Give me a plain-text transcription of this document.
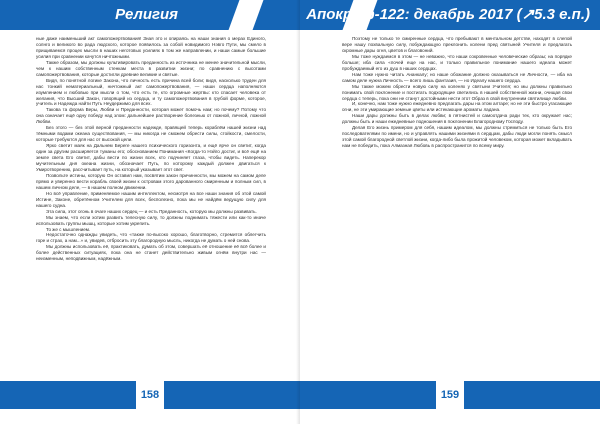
Религия

ные даже наименьший акт самопожертвования! Зная это и опираясь на наши знания о мерах Единого, солнго и великого во рада людского, которое появилось за собой новидимого Нэвго Пути, мы смело в прищиваемся процех мысли в наших неготовых усилиях в том же направлении, и наши самые большие усилия при сравнении качутся ничтожными.

Также образом, мы должны культивировать преданность из источника не менее значительной мысли, чем к нашим собственным стенкам места в развитии жизни; по сравнению с высотами самопожертвования, которые достигли древние великие и святые.

Видя, по понятной логике Закона, что личность есть причина всей боли; видя, насколько труден для нас тонкий нематериальный, ничтожный акт самопожертвования, — наши сердца наполняются изумлением и любовью при мысли о том, что есть те, кто огромные жертвы: кто спасает человека от желания, что Высший Закон, говорящий из сердца, и ту самопожертвования в грубой форме, которое, учитель и Надежда найти Путь Неудержимо для всех.

Такова та форма Веры, Любви и Преданности, которая может помочь нам; но почему? Потому что она означает ещё одну победу над злом: дальнейшее растворение болезнью от ложной, личной, ложной Любви.

Без этого — без этой верной преданности надежде, правящей теперь кораблём нашей жизни над тёмными водами океана существования, — мы никогда не сможем обрести силы, стойкости, смелости, которые требуются для нас от высокой цели.

Ярко светит маяк на Дальнем Береге нашего психического горизонта, и ещё ярче он светит, когда один за другим расширяется туманы его; обоснованием Понимания «Когда-то Нэйго достиг, и всё ещё на земле света Его светит, дабы вести по жизни всех, кто подчиняет глаза, чтобы видеть. Наперекор мучительным дня океана жизни, обозначает Путь, по которому каждый должен двигаться к Умиротворению, рассчитывает путь, на который указывает этот свет.

Позвольте истины, которую Он оставил нам, посвятим закон причинности, мы можем на самом деле прямо и уверенно вести корабль своей жизни к островам этого дарованного смиренным и полным сил, в нашем личном деле, — в нашем полном движении.

Но всё управление, применяемое нашим интеллектом, несмотря на все наши знания об этой самой Истине, Законе, обретённом Учителем для всех, бесполезно, пока мы не найдём ведущую силу для нашего судна.

Эта сила, этот огонь в очаге наших сердец — и есть Преданность, которую мы должны развивать.

Мы знаем, что если хотим развить телесную силу, то должны поднимать тяжести или как-то иначе использовать группы мышц, которые хотим укрепить.

То же с мышлением.

Недостаточно однажды увидеть, что «также по-высоко хорошо, благотворно, стремится облегчить горе и страх, а нам...» и, увидев, отбросить эту благородную мысль, никогда не думать о ней снова.

Мы должны использовать её, практиковать, думать об этом, совершать её отношение её всё более и более действенных ситуациях, пока она не станет действительно живым огнём внутри нас — неизменным, неподвижным, надёжным.

158
Апокриф-122: декабрь 2017 (↗5.3 е.п.)

Поэтому не только те смиренные сердца, что пребывают в ментальном детстве, находят в слепой вере нашу похвальную силу, побуждающую преклонить колени пред святыней Учителя и предлагать скромные дары огня, цветов и благовоний.

Мы тоже нуждаемся в этом — не неважно, что наши сокровенные человеческие образы; на порядке больше; иба сила «почей еще на нас, и только правильное понимание нашего идеала может пробуждаемый его из душ в наших сердцах.

Нам тоже нужно читать Ананкалу; но наше обожание должно оказываться не Личности, — иба на самом деле нужна Личность — всего лишь фантазия, — но Идеалу нашего сердца.

Мы также можем обрести новую силу на коленях у святыни Учителя; но мы должны правильно понимать свой поклонение и постигать подходящие светились в нашей собственной жизни, очищая свои сердца с теперь, пока они не станут достойными нести этот Образ в свой внутренним святилище любви.

И, конечно, нам тоже нужно ежедневно предлагать дары на этом алтаре; но не эти быстро угасающие огни, не эти умирающие земные цветы или истекающие ароматы ладана.

Наши дары должны быть в делах любви; в пятнистей и самоотдача ради тех, кто окружает нас; должны быть и наши ежедневные подношения в поклонении Благородному Господу.

Делая Его жизнь примером для себя, нашим идеалом, мы должны стремиться не только быть Его последователями по имени, но и управлять нашими жизнями в сердцам, дабы люди могли понять смысл этой самой благородной светлой жизни, когда-либо была прожитой человеком, которая может вкладывать нам не победить, пока Алмазная Любовь в распространится по всему миру.

159
